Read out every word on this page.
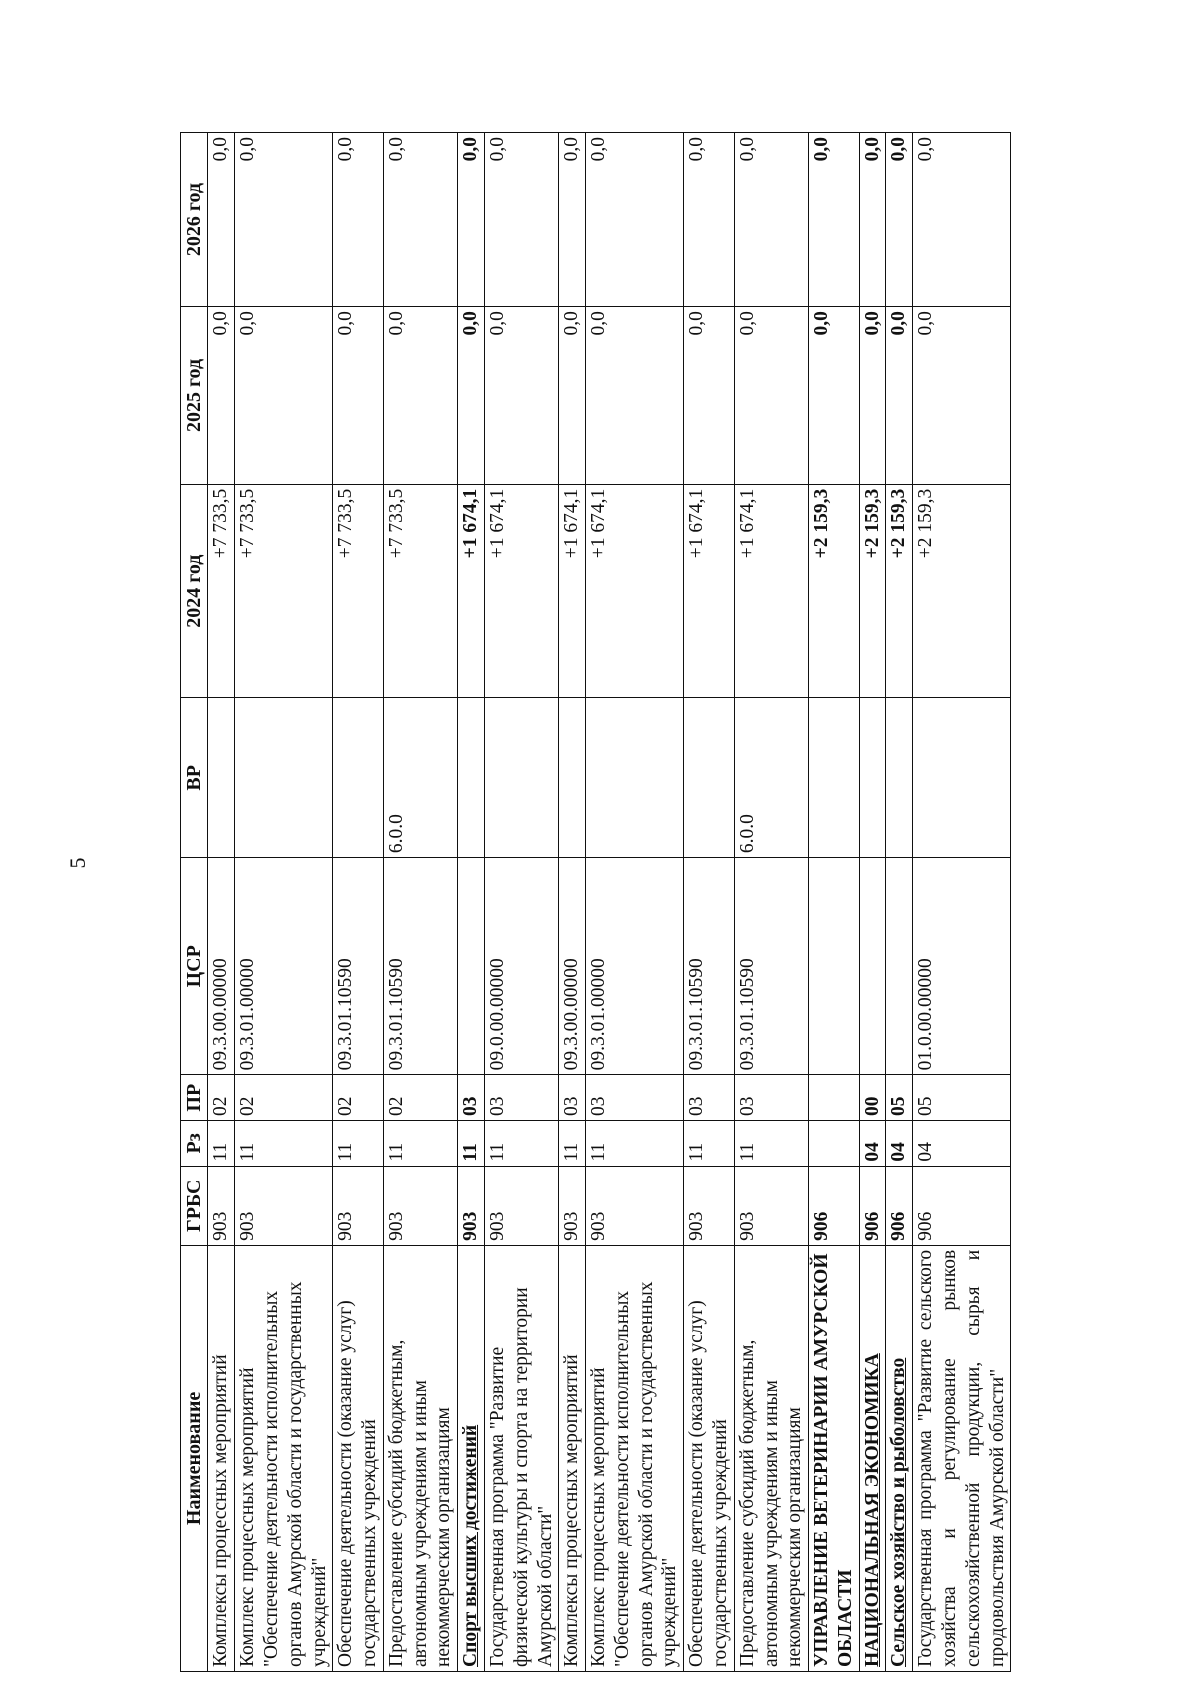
5
Наименование	ГРБС	Рз	ПР	ЦСР	ВР	2024 год	2025 год	2026 год
Комплексы процессных мероприятий	903	11	02	09.3.00.00000		+7 733,5	0,0	0,0
Комплекс процессных мероприятий "Обеспечение деятельности исполнительных органов Амурской области и государственных учреждений"	903	11	02	09.3.01.00000		+7 733,5	0,0	0,0
Обеспечение деятельности (оказание услуг) государственных учреждений	903	11	02	09.3.01.10590		+7 733,5	0,0	0,0
Предоставление субсидий бюджетным, автономным учреждениям и иным некоммерческим организациям	903	11	02	09.3.01.10590	6.0.0	+7 733,5	0,0	0,0
Спорт высших достижений	903	11	03			+1 674,1	0,0	0,0
Государственная программа "Развитие физической культуры и спорта на территории Амурской области"	903	11	03	09.0.00.00000		+1 674,1	0,0	0,0
Комплексы процессных мероприятий	903	11	03	09.3.00.00000		+1 674,1	0,0	0,0
Комплекс процессных мероприятий "Обеспечение деятельности исполнительных органов Амурской области и государственных учреждений"	903	11	03	09.3.01.00000		+1 674,1	0,0	0,0
Обеспечение деятельности (оказание услуг) государственных учреждений	903	11	03	09.3.01.10590		+1 674,1	0,0	0,0
Предоставление субсидий бюджетным, автономным учреждениям и иным некоммерческим организациям	903	11	03	09.3.01.10590	6.0.0	+1 674,1	0,0	0,0
УПРАВЛЕНИЕ ВЕТЕРИНАРИИ АМУРСКОЙ ОБЛАСТИ	906					+2 159,3	0,0	0,0
НАЦИОНАЛЬНАЯ ЭКОНОМИКА	906	04	00			+2 159,3	0,0	0,0
Сельское хозяйство и рыболовство	906	04	05			+2 159,3	0,0	0,0
Государственная программа "Развитие сельского хозяйства и регулирование рынков сельскохозяйственной продукции, сырья и продовольствия Амурской области"	906	04	05	01.0.00.00000		+2 159,3	0,0	0,0
